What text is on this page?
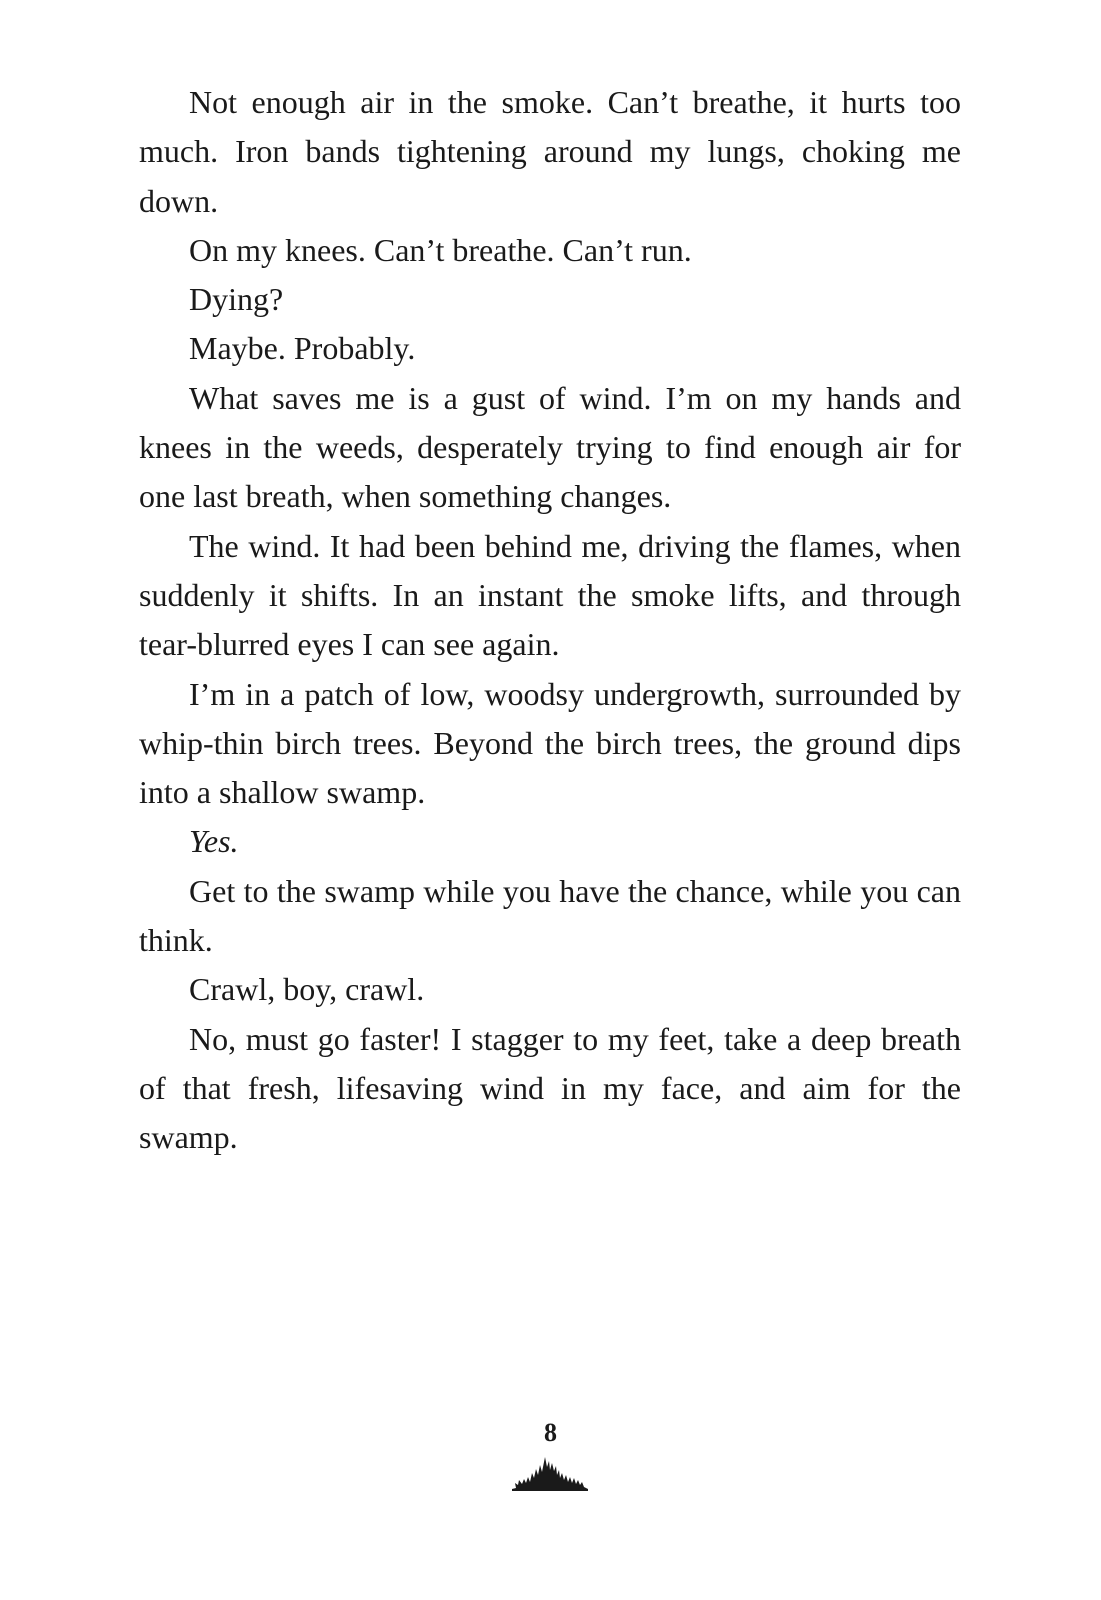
Not enough air in the smoke. Can’t breathe, it hurts too much. Iron bands tightening around my lungs, choking me down.

On my knees. Can’t breathe. Can’t run.

Dying?

Maybe. Probably.

What saves me is a gust of wind. I’m on my hands and knees in the weeds, desperately trying to find enough air for one last breath, when something changes.

The wind. It had been behind me, driving the flames, when suddenly it shifts. In an instant the smoke lifts, and through tear-blurred eyes I can see again.

I’m in a patch of low, woodsy undergrowth, surrounded by whip-thin birch trees. Beyond the birch trees, the ground dips into a shallow swamp.

Yes.

Get to the swamp while you have the chance, while you can think.

Crawl, boy, crawl.

No, must go faster! I stagger to my feet, take a deep breath of that fresh, lifesaving wind in my face, and aim for the swamp.

8
